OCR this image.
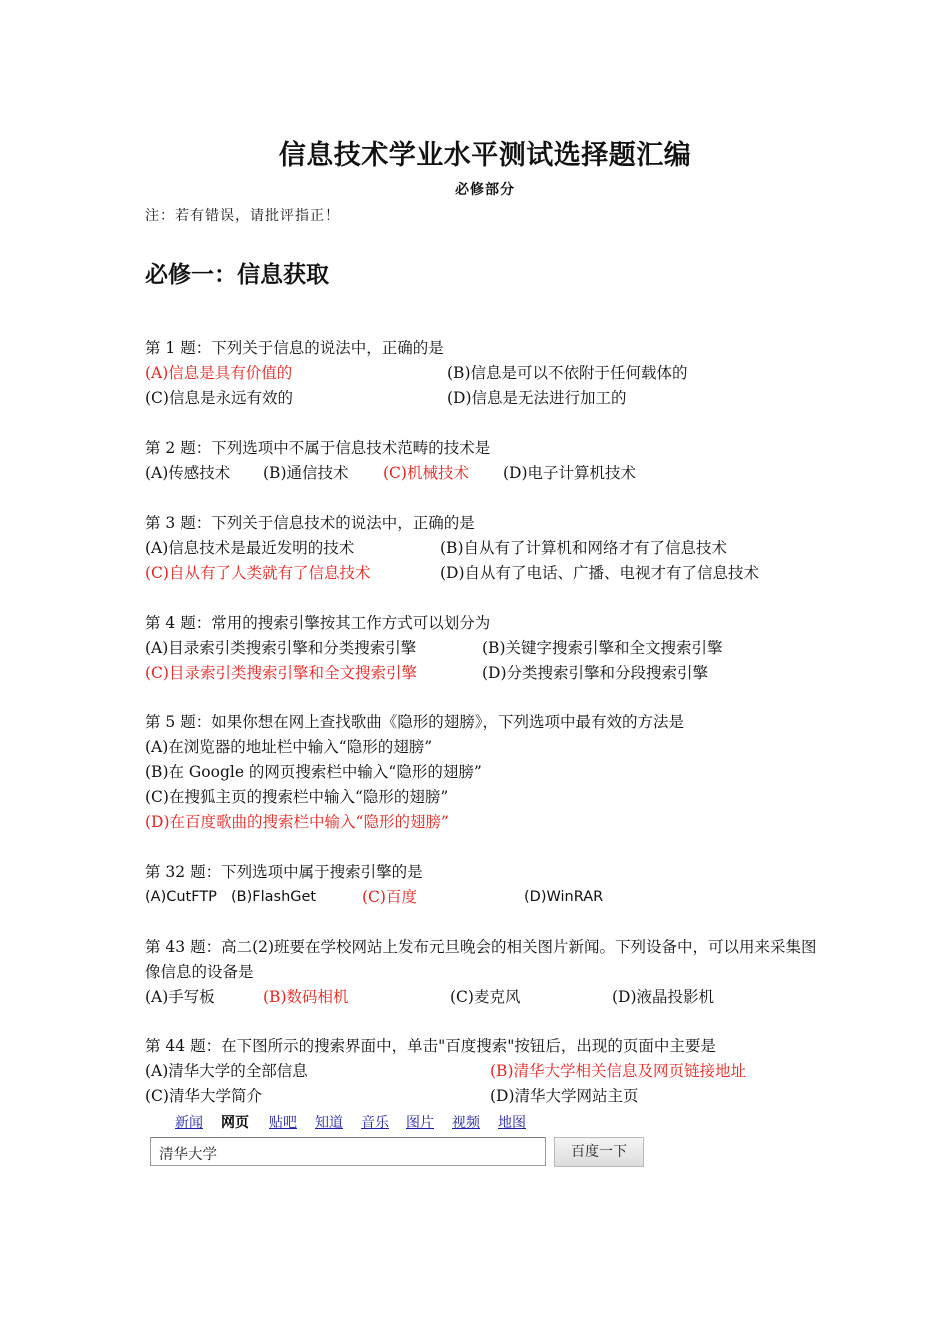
信息技术学业水平测试选择题汇编
必修部分
注：若有错误，请批评指正！
必修一：信息获取
第 1 题：下列关于信息的说法中，正确的是
(A)信息是具有价值的	(B)信息是可以不依附于任何载体的
(C)信息是永远有效的	(D)信息是无法进行加工的
第 2 题：下列选项中不属于信息技术范畴的技术是
(A)传感技术 (B)通信技术 (C)机械技术 (D)电子计算机技术
第 3 题：下列关于信息技术的说法中，正确的是
(A)信息技术是最近发明的技术	(B)自从有了计算机和网络才有了信息技术
(C)自从有了人类就有了信息技术	(D)自从有了电话、广播、电视才有了信息技术
第 4 题：常用的搜索引擎按其工作方式可以划分为
(A)目录索引类搜索引擎和分类搜索引擎	(B)关键字搜索引擎和全文搜索引擎
(C)目录索引类搜索引擎和全文搜索引擎	(D)分类搜索引擎和分段搜索引擎
第 5 题：如果你想在网上查找歌曲《隐形的翅膀》，下列选项中最有效的方法是
(A)在浏览器的地址栏中输入“隐形的翅膀”
(B)在 Google 的网页搜索栏中输入“隐形的翅膀”
(C)在搜狐主页的搜索栏中输入“隐形的翅膀”
(D)在百度歌曲的搜索栏中输入“隐形的翅膀”
第 32 题：下列选项中属于搜索引擎的是
(A)CutFTP (B)FlashGet	(C)百度	(D)WinRAR
第 43 题：高二(2)班要在学校网站上发布元旦晚会的相关图片新闻。下列设备中，可以用来采集图像信息的设备是
(A)手写板	(B)数码相机	(C)麦克风	(D)液晶投影机
第 44 题：在下图所示的搜索界面中，单击"百度搜索"按钮后，出现的页面中主要是
(A)清华大学的全部信息	(B)清华大学相关信息及网页链接地址
(C)清华大学简介	(D)清华大学网站主页
新闻 网页 贴吧 知道 音乐 图片 视频 地图
清华大学	百度一下
